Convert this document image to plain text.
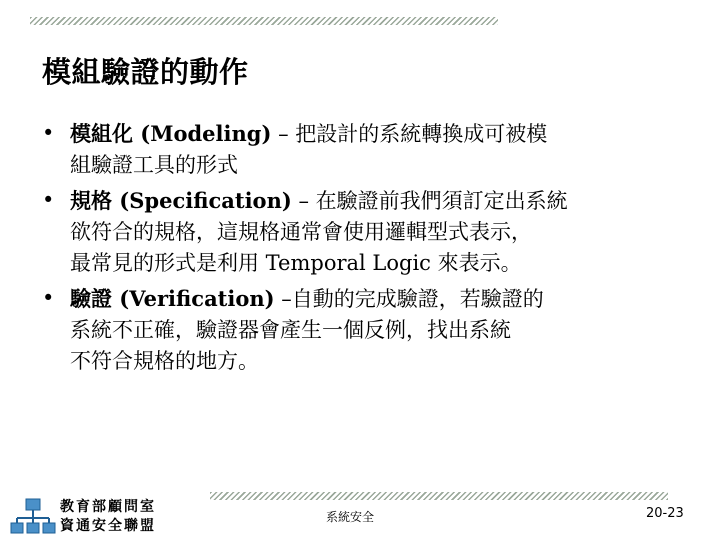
模組驗證的動作
• 模組化 (Modeling) – 把設計的系統轉換成可被模
組驗證工具的形式
• 規格 (Specification) – 在驗證前我們須訂定出系統
欲符合的規格，這規格通常會使用邏輯型式表示，
最常見的形式是利用 Temporal Logic 來表示。
• 驗證 (Verification) –自動的完成驗證，若驗證的
系統不正確，驗證器會產生一個反例，找出系統
不符合規格的地方。
教育部顧問室
資通安全聯盟
系統安全	20-23
